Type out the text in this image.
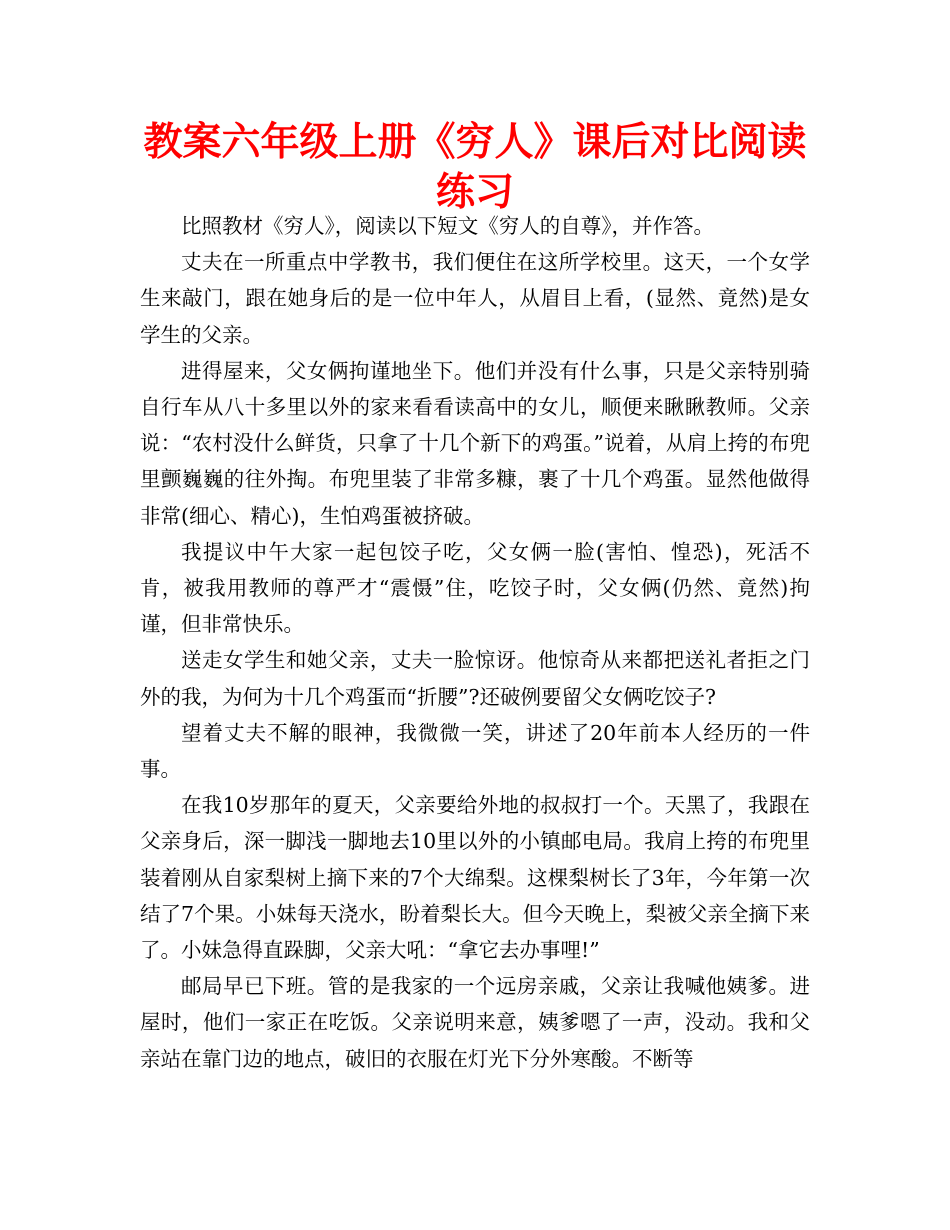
教案六年级上册《穷人》课后对比阅读练习

比照教材《穷人》，阅读以下短文《穷人的自尊》，并作答。

丈夫在一所重点中学教书，我们便住在这所学校里。这天，一个女学生来敲门，跟在她身后的是一位中年人，从眉目上看，(显然、竟然)是女学生的父亲。

进得屋来，父女俩拘谨地坐下。他们并没有什么事，只是父亲特别骑自行车从八十多里以外的家来看看读高中的女儿，顺便来瞅瞅教师。父亲说：“农村没什么鲜货，只拿了十几个新下的鸡蛋。”说着，从肩上挎的布兜里颤巍巍的往外掏。布兜里装了非常多糠，裹了十几个鸡蛋。显然他做得非常(细心、精心)，生怕鸡蛋被挤破。

我提议中午大家一起包饺子吃，父女俩一脸(害怕、惶恐)，死活不肯，被我用教师的尊严才“震慑”住，吃饺子时，父女俩(仍然、竟然)拘谨，但非常快乐。

送走女学生和她父亲，丈夫一脸惊讶。他惊奇从来都把送礼者拒之门外的我，为何为十几个鸡蛋而“折腰”?还破例要留父女俩吃饺子?

望着丈夫不解的眼神，我微微一笑，讲述了20年前本人经历的一件事。

在我10岁那年的夏天，父亲要给外地的叔叔打一个。天黑了，我跟在父亲身后，深一脚浅一脚地去10里以外的小镇邮电局。我肩上挎的布兜里装着刚从自家梨树上摘下来的7个大绵梨。这棵梨树长了3年，今年第一次结了7个果。小妹每天浇水，盼着梨长大。但今天晚上，梨被父亲全摘下来了。小妹急得直跺脚，父亲大吼：“拿它去办事哩!”

邮局早已下班。管的是我家的一个远房亲戚，父亲让我喊他姨爹。进屋时，他们一家正在吃饭。父亲说明来意，姨爹嗯了一声，没动。我和父亲站在靠门边的地点，破旧的衣服在灯光下分外寒酸。不断等
